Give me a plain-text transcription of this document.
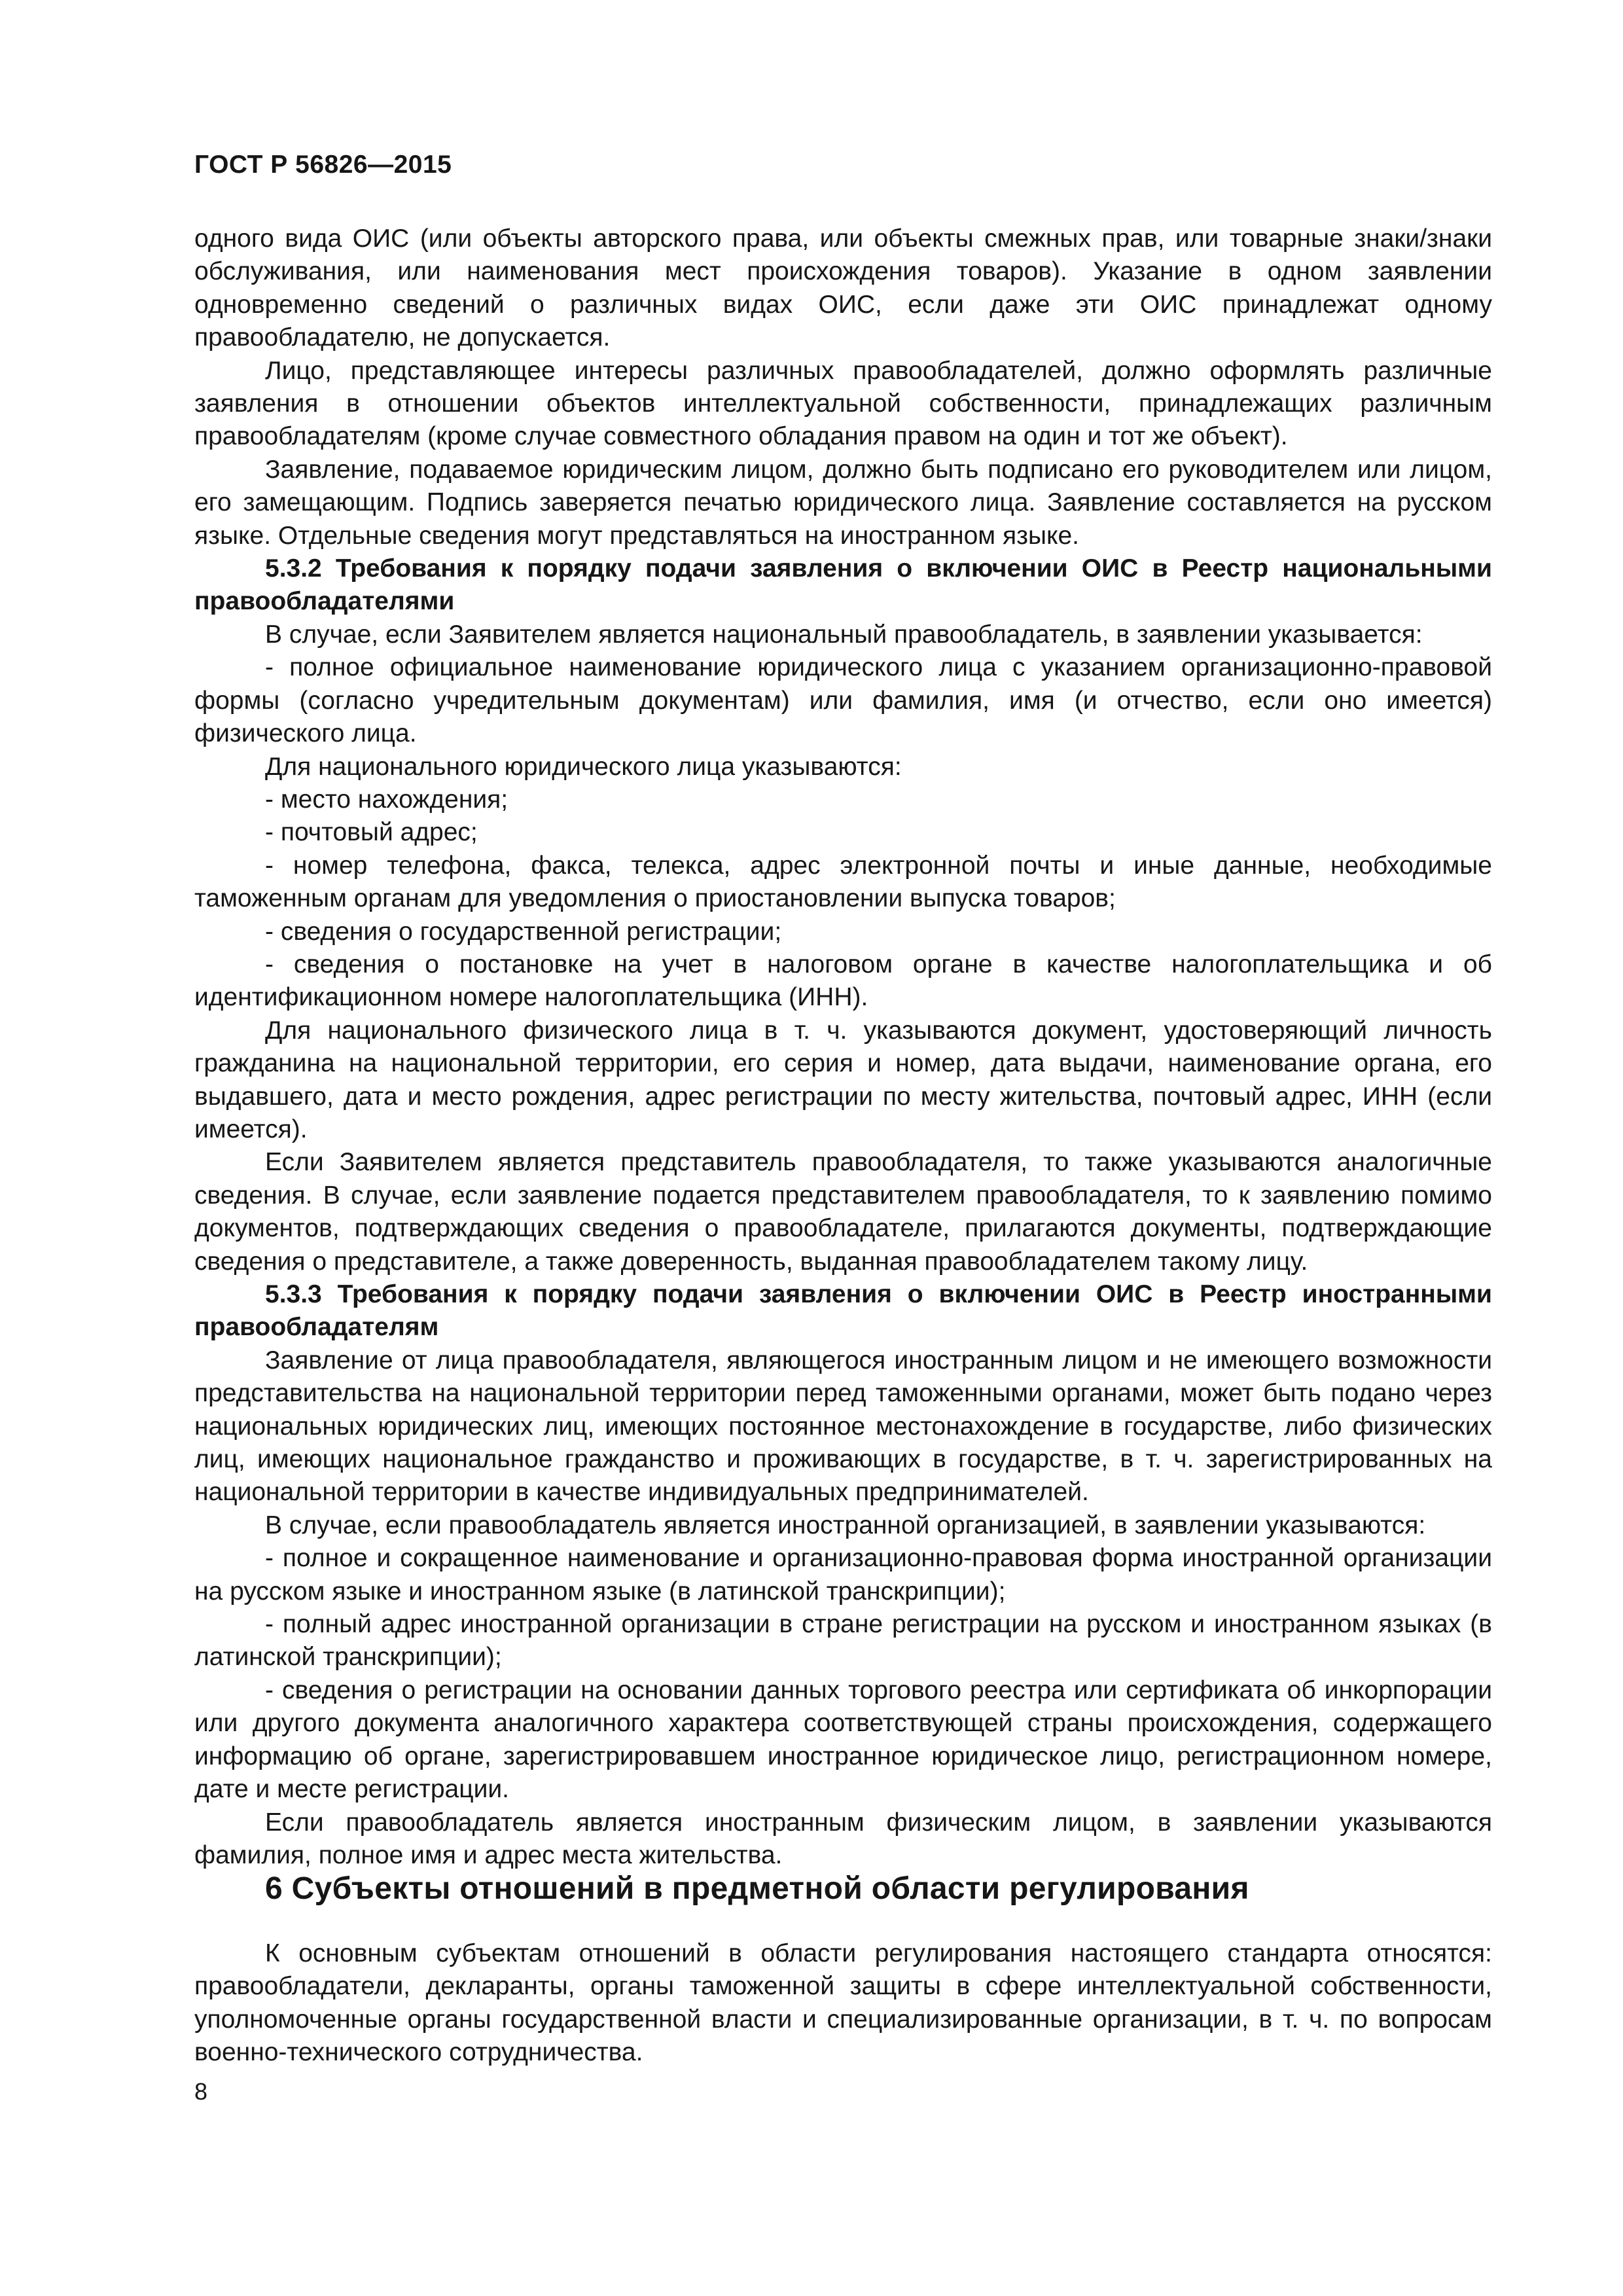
ГОСТ Р 56826—2015

одного вида ОИС (или объекты авторского права, или объекты смежных прав, или товарные знаки/знаки обслуживания, или наименования мест происхождения товаров). Указание в одном заявлении одновременно сведений о различных видах ОИС, если даже эти ОИС принадлежат одному правообладателю, не допускается.

Лицо, представляющее интересы различных правообладателей, должно оформлять различные заявления в отношении объектов интеллектуальной собственности, принадлежащих различным правообладателям (кроме случае совместного обладания правом на один и тот же объект).

Заявление, подаваемое юридическим лицом, должно быть подписано его руководителем или лицом, его замещающим. Подпись заверяется печатью юридического лица. Заявление составляется на русском языке. Отдельные сведения могут представляться на иностранном языке.

5.3.2 Требования к порядку подачи заявления о включении ОИС в Реестр национальными правообладателями

В случае, если Заявителем является национальный правообладатель, в заявлении указывается:

- полное официальное наименование юридического лица с указанием организационно-правовой формы (согласно учредительным документам) или фамилия, имя (и отчество, если оно имеется) физического лица.

Для национального юридического лица указываются:

- место нахождения;

- почтовый адрес;

- номер телефона, факса, телекса, адрес электронной почты и иные данные, необходимые таможенным органам для уведомления о приостановлении выпуска товаров;

- сведения о государственной регистрации;

- сведения о постановке на учет в налоговом органе в качестве налогоплательщика и об идентификационном номере налогоплательщика (ИНН).

Для национального физического лица в т. ч. указываются документ, удостоверяющий личность гражданина на национальной территории, его серия и номер, дата выдачи, наименование органа, его выдавшего, дата и место рождения, адрес регистрации по месту жительства, почтовый адрес, ИНН (если имеется).

Если Заявителем является представитель правообладателя, то также указываются аналогичные сведения. В случае, если заявление подается представителем правообладателя, то к заявлению помимо документов, подтверждающих сведения о правообладателе, прилагаются документы, подтверждающие сведения о представителе, а также доверенность, выданная правообладателем такому лицу.

5.3.3 Требования к порядку подачи заявления о включении ОИС в Реестр иностранными правообладателям

Заявление от лица правообладателя, являющегося иностранным лицом и не имеющего возможности представительства на национальной территории перед таможенными органами, может быть подано через национальных юридических лиц, имеющих постоянное местонахождение в государстве, либо физических лиц, имеющих национальное гражданство и проживающих в государстве, в т. ч. зарегистрированных на национальной территории в качестве индивидуальных предпринимателей.

В случае, если правообладатель является иностранной организацией, в заявлении указываются:

- полное и сокращенное наименование и организационно-правовая форма иностранной организации на русском языке и иностранном языке (в латинской транскрипции);

- полный адрес иностранной организации в стране регистрации на русском и иностранном языках (в латинской транскрипции);

- сведения о регистрации на основании данных торгового реестра или сертификата об инкорпорации или другого документа аналогичного характера соответствующей страны происхождения, содержащего информацию об органе, зарегистрировавшем иностранное юридическое лицо, регистрационном номере, дате и месте регистрации.

Если правообладатель является иностранным физическим лицом, в заявлении указываются фамилия, полное имя и адрес места жительства.

6 Субъекты отношений в предметной области регулирования

К основным субъектам отношений в области регулирования настоящего стандарта относятся: правообладатели, декларанты, органы таможенной защиты в сфере интеллектуальной собственности, уполномоченные органы государственной власти и специализированные организации, в т. ч. по вопросам военно-технического сотрудничества.

8
